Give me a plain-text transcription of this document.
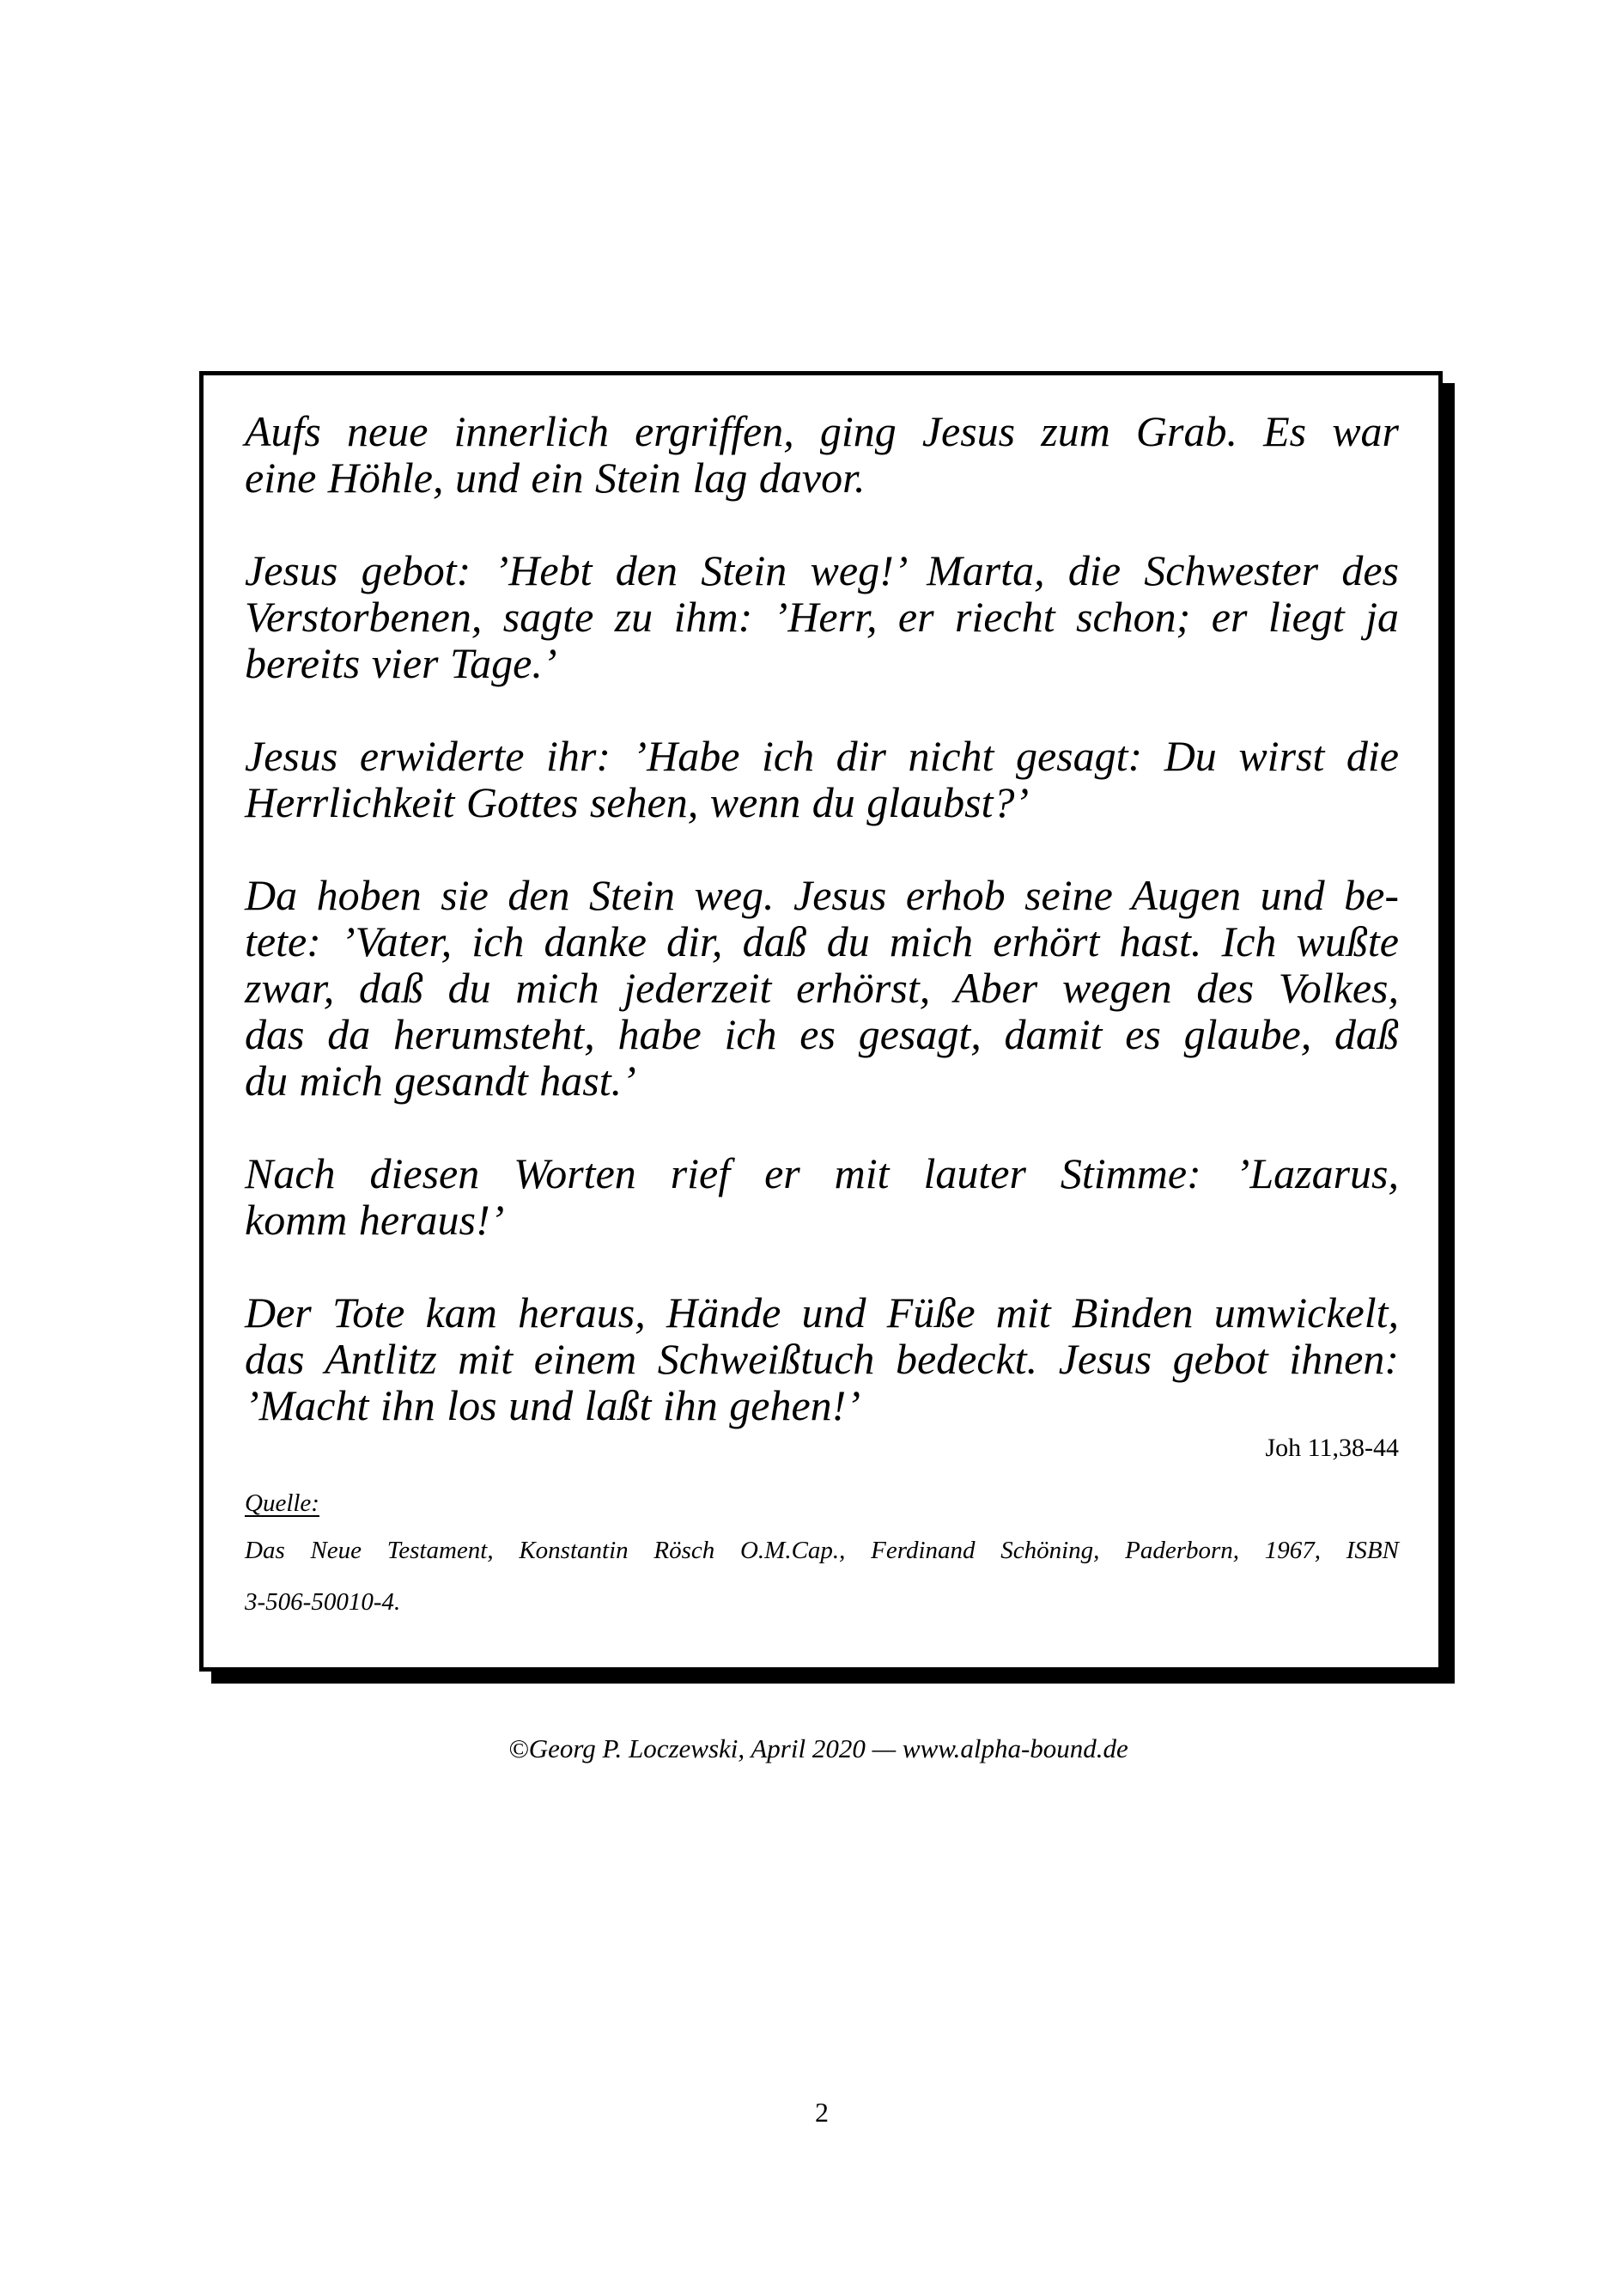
Aufs neue innerlich ergriffen, ging Jesus zum Grab. Es war
eine Höhle, und ein Stein lag davor.
Jesus gebot: ’Hebt den Stein weg!’ Marta, die Schwester des
Verstorbenen, sagte zu ihm: ’Herr, er riecht schon; er liegt ja
bereits vier Tage.’
Jesus erwiderte ihr: ’Habe ich dir nicht gesagt: Du wirst die
Herrlichkeit Gottes sehen, wenn du glaubst?’
Da hoben sie den Stein weg. Jesus erhob seine Augen und be-
tete: ’Vater, ich danke dir, daß du mich erhört hast. Ich wußte
zwar, daß du mich jederzeit erhörst, Aber wegen des Volkes,
das da herumsteht, habe ich es gesagt, damit es glaube, daß
du mich gesandt hast.’
Nach diesen Worten rief er mit lauter Stimme: ’Lazarus,
komm heraus!’
Der Tote kam heraus, Hände und Füße mit Binden umwickelt,
das Antlitz mit einem Schweißtuch bedeckt. Jesus gebot ihnen:
’Macht ihn los und laßt ihn gehen!’
Joh 11,38-44
Quelle:
Das Neue Testament, Konstantin Rösch O.M.Cap., Ferdinand Schöning, Paderborn, 1967, ISBN
3-506-50010-4.
©Georg P. Loczewski, April 2020 — www.alpha-bound.de
2
